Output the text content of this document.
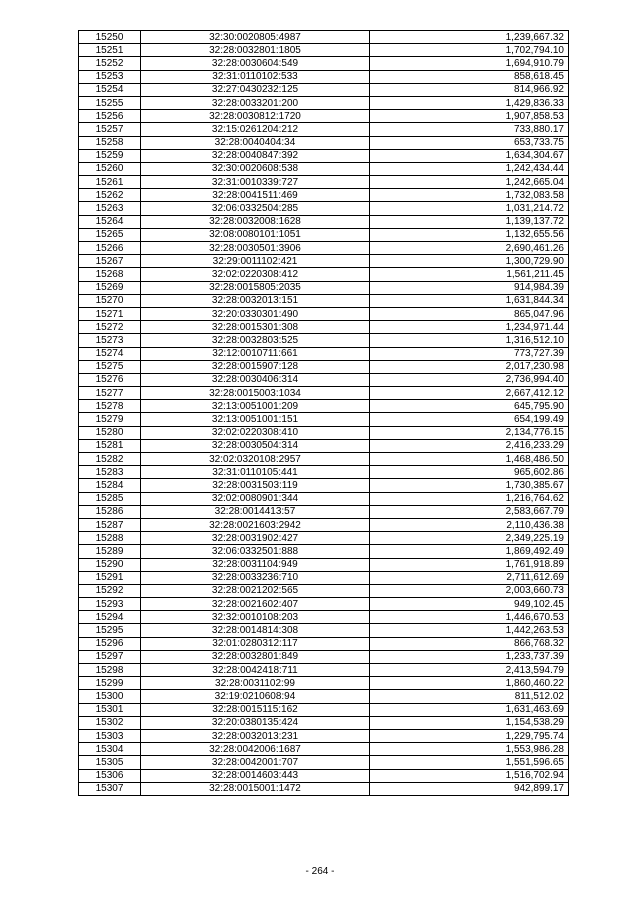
15250	32:30:0020805:4987	1,239,667.32
15251	32:28:0032801:1805	1,702,794.10
15252	32:28:0030604:549	1,694,910.79
15253	32:31:0110102:533	858,618.45
15254	32:27:0430232:125	814,966.92
15255	32:28:0033201:200	1,429,836.33
15256	32:28:0030812:1720	1,907,858.53
15257	32:15:0261204:212	733,880.17
15258	32:28:0040404:34	653,733.75
15259	32:28:0040847:392	1,634,304.67
15260	32:30:0020608:538	1,242,434.44
15261	32:31:0010339:727	1,242,665.04
15262	32:28:0041511:469	1,732,083.58
15263	32:06:0332504:285	1,031,214.72
15264	32:28:0032008:1628	1,139,137.72
15265	32:08:0080101:1051	1,132,655.56
15266	32:28:0030501:3906	2,690,461.26
15267	32:29:0011102:421	1,300,729.90
15268	32:02:0220308:412	1,561,211.45
15269	32:28:0015805:2035	914,984.39
15270	32:28:0032013:151	1,631,844.34
15271	32:20:0330301:490	865,047.96
15272	32:28:0015301:308	1,234,971.44
15273	32:28:0032803:525	1,316,512.10
15274	32:12:0010711:661	773,727.39
15275	32:28:0015907:128	2,017,230.98
15276	32:28:0030406:314	2,736,994.40
15277	32:28:0015003:1034	2,667,412.12
15278	32:13:0051001:209	645,795.90
15279	32:13:0051001:151	654,199.49
15280	32:02:0220308:410	2,134,776.15
15281	32:28:0030504:314	2,416,233.29
15282	32:02:0320108:2957	1,468,486.50
15283	32:31:0110105:441	965,602.86
15284	32:28:0031503:119	1,730,385.67
15285	32:02:0080901:344	1,216,764.62
15286	32:28:0014413:57	2,583,667.79
15287	32:28:0021603:2942	2,110,436.38
15288	32:28:0031902:427	2,349,225.19
15289	32:06:0332501:888	1,869,492.49
15290	32:28:0031104:949	1,761,918.89
15291	32:28:0033236:710	2,711,612.69
15292	32:28:0021202:565	2,003,660.73
15293	32:28:0021602:407	949,102.45
15294	32:32:0010108:203	1,446,670.53
15295	32:28:0014814:308	1,442,263.53
15296	32:01:0280312:117	866,768.32
15297	32:28:0032801:849	1,233,737.39
15298	32:28:0042418:711	2,413,594.79
15299	32:28:0031102:99	1,860,460.22
15300	32:19:0210608:94	811,512.02
15301	32:28:0015115:162	1,631,463.69
15302	32:20:0380135:424	1,154,538.29
15303	32:28:0032013:231	1,229,795.74
15304	32:28:0042006:1687	1,553,986.28
15305	32:28:0042001:707	1,551,596.65
15306	32:28:0014603:443	1,516,702.94
15307	32:28:0015001:1472	942,899.17
- 264 -
